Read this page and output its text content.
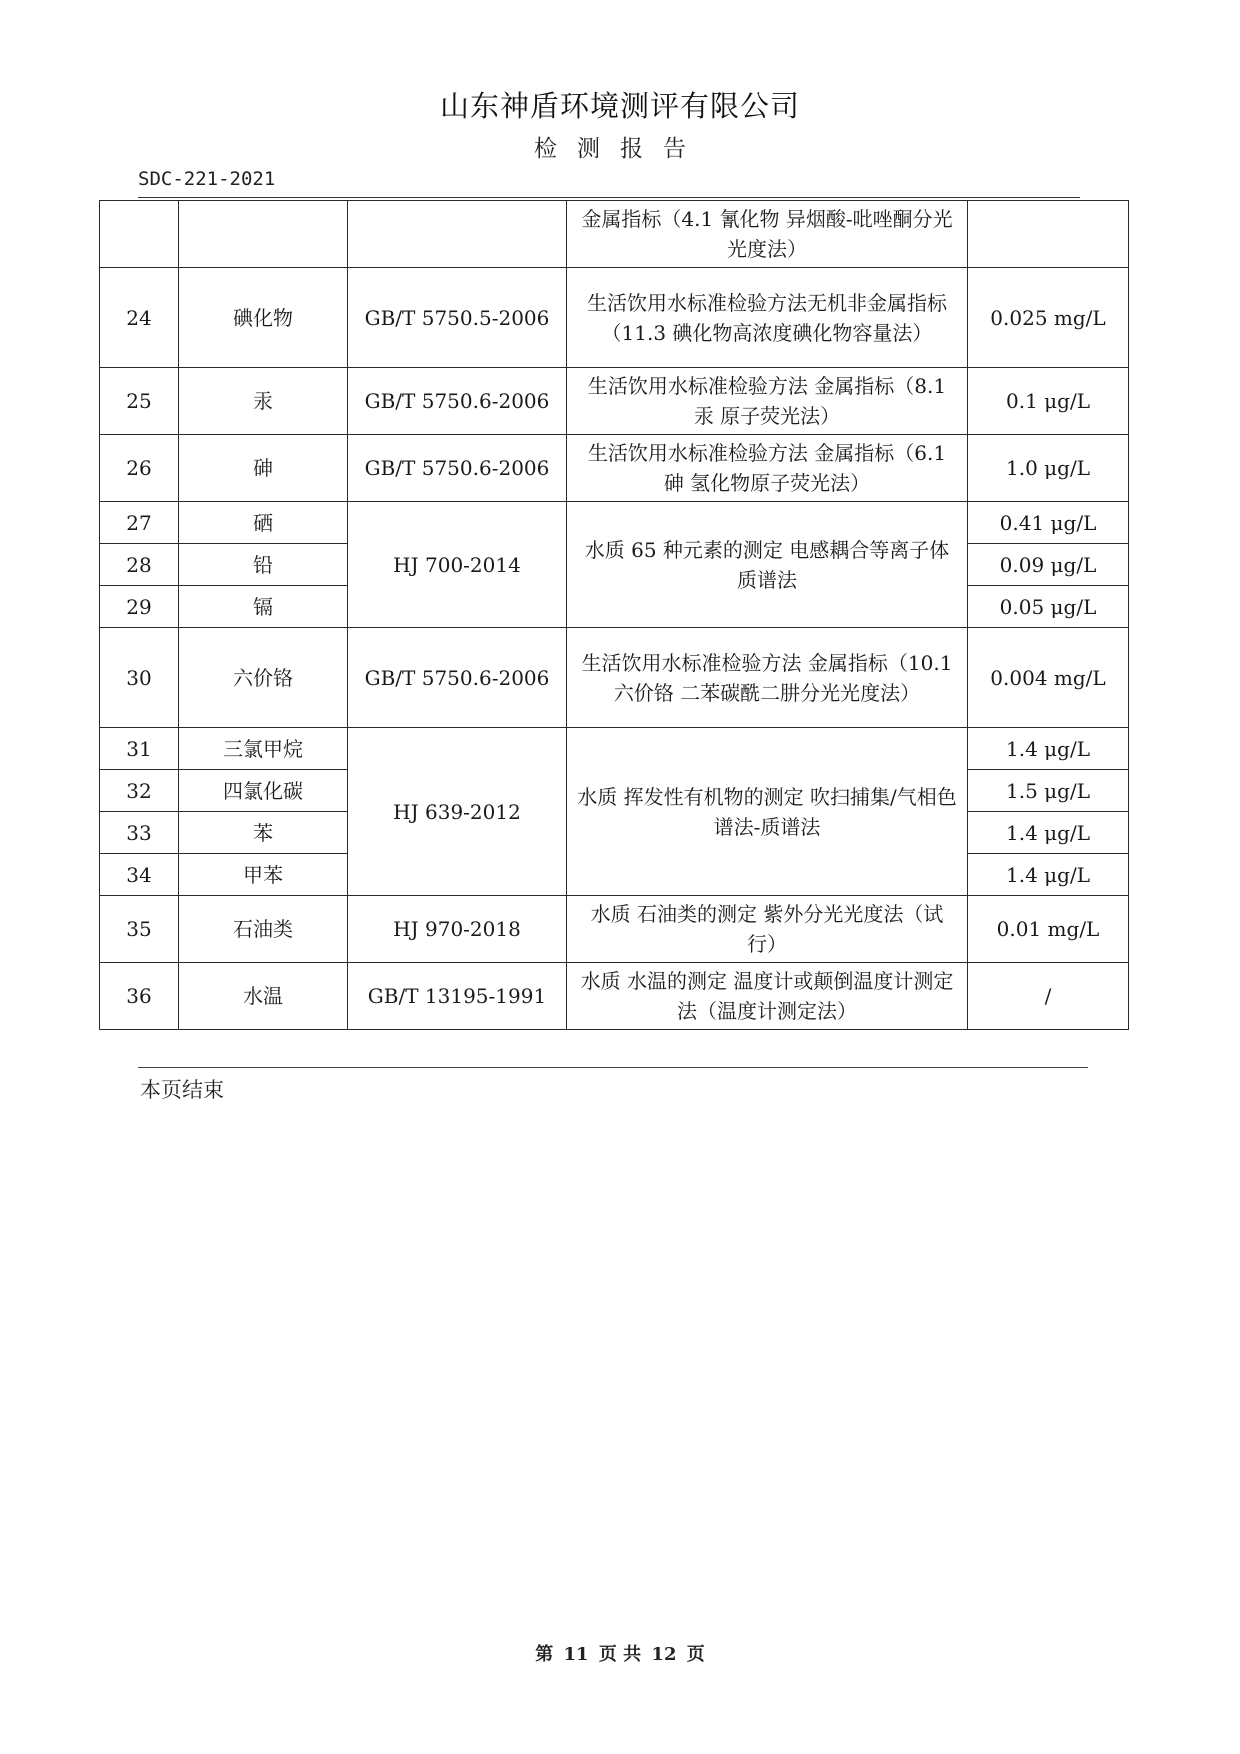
山东神盾环境测评有限公司
检测报告
SDC-221-2021
			金属指标（4.1 氰化物 异烟酸-吡唑酮分光光度法）	
24	碘化物	GB/T 5750.5-2006	生活饮用水标准检验方法无机非金属指标（11.3 碘化物高浓度碘化物容量法）	0.025 mg/L
25	汞	GB/T 5750.6-2006	生活饮用水标准检验方法 金属指标（8.1 汞 原子荧光法）	0.1 μg/L
26	砷	GB/T 5750.6-2006	生活饮用水标准检验方法 金属指标（6.1 砷 氢化物原子荧光法）	1.0 μg/L
27	硒	HJ 700-2014	水质 65 种元素的测定 电感耦合等离子体质谱法	0.41 μg/L
28	铅			0.09 μg/L
29	镉			0.05 μg/L
30	六价铬	GB/T 5750.6-2006	生活饮用水标准检验方法 金属指标（10.1 六价铬 二苯碳酰二肼分光光度法）	0.004 mg/L
31	三氯甲烷	HJ 639-2012	水质 挥发性有机物的测定 吹扫捕集/气相色谱法-质谱法	1.4 μg/L
32	四氯化碳			1.5 μg/L
33	苯			1.4 μg/L
34	甲苯			1.4 μg/L
35	石油类	HJ 970-2018	水质 石油类的测定 紫外分光光度法（试行）	0.01 mg/L
36	水温	GB/T 13195-1991	水质 水温的测定 温度计或颠倒温度计测定法（温度计测定法）	/
本页结束
第 11 页 共 12 页
